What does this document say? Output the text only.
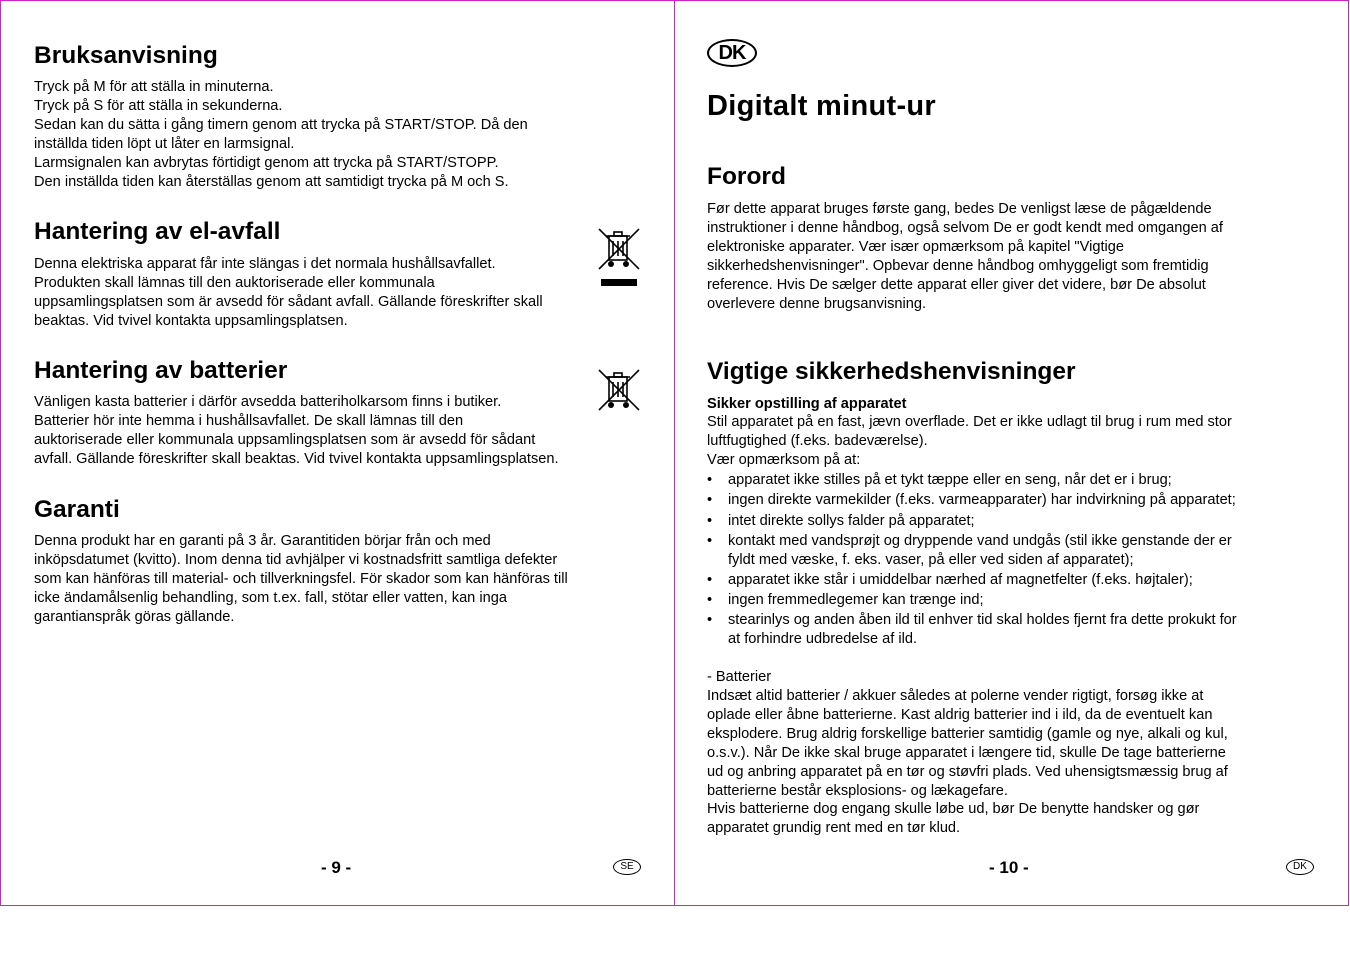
Bruksanvisning
Tryck på M för att ställa in minuterna.
Tryck på S för att ställa in sekunderna.
Sedan kan du sätta i gång timern genom att trycka på START/STOP. Då den
inställda tiden löpt ut låter en larmsignal.
Larmsignalen kan avbrytas förtidigt genom att trycka på START/STOPP.
Den inställda tiden kan återställas genom att samtidigt trycka på M och S.
Hantering av el-avfall
Denna elektriska apparat får inte slängas i det normala hushållsavfallet.
Produkten skall lämnas till den auktoriserade eller kommunala
uppsamlingsplatsen som är avsedd för sådant avfall. Gällande föreskrifter skall
beaktas. Vid tvivel kontakta uppsamlingsplatsen.
Hantering av batterier
Vänligen kasta batterier i därför avsedda batteriholkarsom finns i butiker.
Batterier hör inte hemma i hushållsavfallet. De skall lämnas till den
auktoriserade eller kommunala uppsamlingsplatsen som är avsedd för sådant
avfall. Gällande föreskrifter skall beaktas. Vid tvivel kontakta uppsamlingsplatsen.
Garanti
Denna produkt har en garanti på 3 år. Garantitiden börjar från och med
inköpsdatumet (kvitto). Inom denna tid avhjälper vi kostnadsfritt samtliga defekter
som kan hänföras till material- och tillverkningsfel. För skador som kan hänföras till
icke ändamålsenlig behandling, som t.ex. fall, stötar eller vatten, kan inga
garantianspråk göras gällande.
- 9 -	SE
DK
Digitalt minut-ur
Forord
Før dette apparat bruges første gang, bedes De venligst læse de pågældende
instruktioner i denne håndbog, også selvom De er godt kendt med omgangen af
elektroniske apparater. Vær især opmærksom på kapitel "Vigtige
sikkerhedshenvisninger". Opbevar denne håndbog omhyggeligt som fremtidig
reference. Hvis De sælger dette apparat eller giver det videre, bør De absolut
overlevere denne brugsanvisning.
Vigtige sikkerhedshenvisninger
Sikker opstilling af apparatet
Stil apparatet på en fast, jævn overflade. Det er ikke udlagt til brug i rum med stor
luftfugtighed (f.eks. badeværelse).
Vær opmærksom på at:
• apparatet ikke stilles på et tykt tæppe eller en seng, når det er i brug;
• ingen direkte varmekilder (f.eks. varmeapparater) har indvirkning på apparatet;
• intet direkte sollys falder på apparatet;
• kontakt med vandsprøjt og dryppende vand undgås (stil ikke genstande der er
fyldt med væske, f. eks. vaser, på eller ved siden af apparatet);
• apparatet ikke står i umiddelbar nærhed af magnetfelter (f.eks. højtaler);
• ingen fremmedlegemer kan trænge ind;
• stearinlys og anden åben ild til enhver tid skal holdes fjernt fra dette prokukt for
at forhindre udbredelse af ild.
- Batterier
Indsæt altid batterier / akkuer således at polerne vender rigtigt, forsøg ikke at
oplade eller åbne batterierne. Kast aldrig batterier ind i ild, da de eventuelt kan
eksplodere. Brug aldrig forskellige batterier samtidig (gamle og nye, alkali og kul,
o.s.v.). Når De ikke skal bruge apparatet i længere tid, skulle De tage batterierne
ud og anbring apparatet på en tør og støvfri plads. Ved uhensigtsmæssig brug af
batterierne består eksplosions- og lækagefare.
Hvis batterierne dog engang skulle løbe ud, bør De benytte handsker og gør
apparatet grundig rent med en tør klud.
- 10 -	DK
